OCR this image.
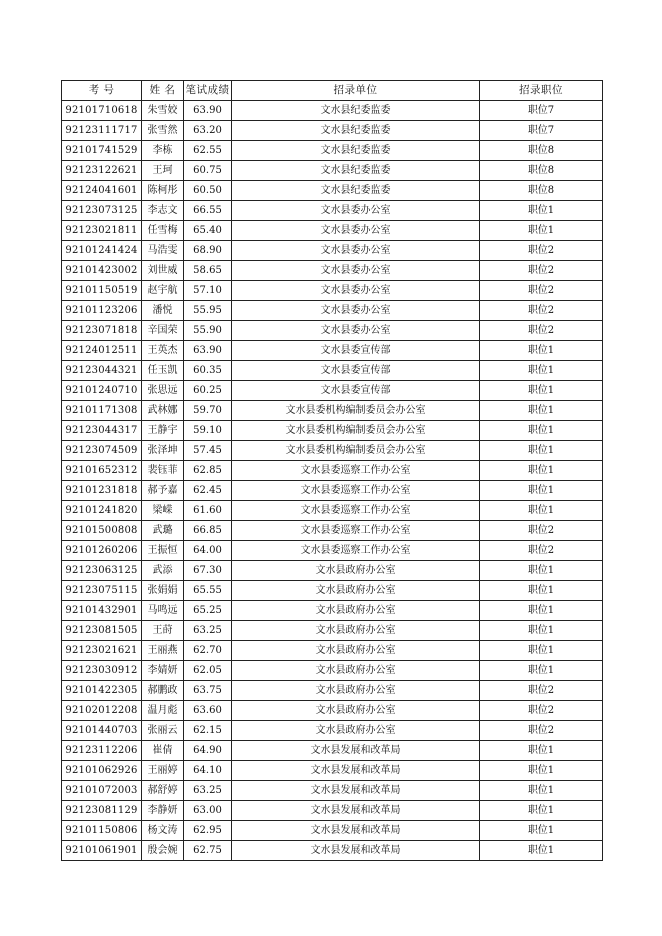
考 号	姓 名	笔试成绩	招录单位	招录职位
92101710618	朱雪姣	63.90	文水县纪委监委	职位7
92123111717	张雪然	63.20	文水县纪委监委	职位7
92101741529	李栋	62.55	文水县纪委监委	职位8
92123122621	王珂	60.75	文水县纪委监委	职位8
92124041601	陈柯彤	60.50	文水县纪委监委	职位8
92123073125	李志文	66.55	文水县委办公室	职位1
92123021811	任雪梅	65.40	文水县委办公室	职位1
92101241424	马浩雯	68.90	文水县委办公室	职位2
92101423002	刘世威	58.65	文水县委办公室	职位2
92101150519	赵宇航	57.10	文水县委办公室	职位2
92101123206	潘悦	55.95	文水县委办公室	职位2
92123071818	辛国荣	55.90	文水县委办公室	职位2
92124012511	王英杰	63.90	文水县委宣传部	职位1
92123044321	任玉凯	60.35	文水县委宣传部	职位1
92101240710	张思远	60.25	文水县委宣传部	职位1
92101171308	武林娜	59.70	文水县委机构编制委员会办公室	职位1
92123044317	王静宇	59.10	文水县委机构编制委员会办公室	职位1
92123074509	张泽坤	57.45	文水县委机构编制委员会办公室	职位1
92101652312	裴钰菲	62.85	文水县委巡察工作办公室	职位1
92101231818	郝予嘉	62.45	文水县委巡察工作办公室	职位1
92101241820	梁嵘	61.60	文水县委巡察工作办公室	职位1
92101500808	武璐	66.85	文水县委巡察工作办公室	职位2
92101260206	王振恒	64.00	文水县委巡察工作办公室	职位2
92123063125	武添	67.30	文水县政府办公室	职位1
92123075115	张娟娟	65.55	文水县政府办公室	职位1
92101432901	马鸣远	65.25	文水县政府办公室	职位1
92123081505	王莳	63.25	文水县政府办公室	职位1
92123021621	王丽燕	62.70	文水县政府办公室	职位1
92123030912	李婧妍	62.05	文水县政府办公室	职位1
92101422305	郝鹏政	63.75	文水县政府办公室	职位2
92102012208	温月彪	63.60	文水县政府办公室	职位2
92101440703	张丽云	62.15	文水县政府办公室	职位2
92123112206	崔倩	64.90	文水县发展和改革局	职位1
92101062926	王丽婷	64.10	文水县发展和改革局	职位1
92101072003	郝舒婷	63.25	文水县发展和改革局	职位1
92123081129	李静妍	63.00	文水县发展和改革局	职位1
92101150806	杨文涛	62.95	文水县发展和改革局	职位1
92101061901	殷会婉	62.75	文水县发展和改革局	职位1
